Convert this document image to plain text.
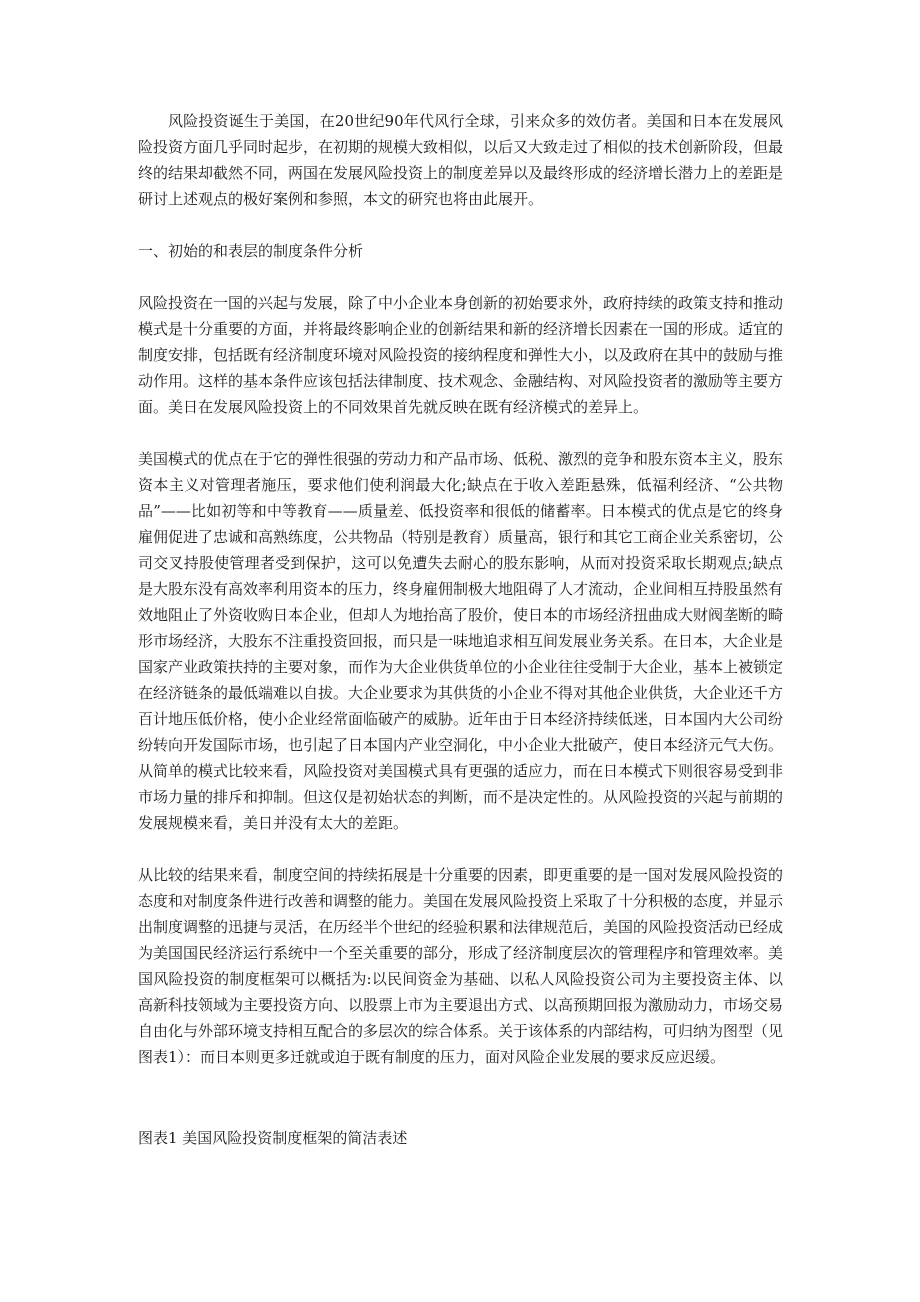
风险投资诞生于美国，在20世纪90年代风行全球，引来众多的效仿者。美国和日本在发展风险投资方面几乎同时起步，在初期的规模大致相似，以后又大致走过了相似的技术创新阶段，但最终的结果却截然不同，两国在发展风险投资上的制度差异以及最终形成的经济增长潜力上的差距是研讨上述观点的极好案例和参照，本文的研究也将由此展开。

一、初始的和表层的制度条件分析

风险投资在一国的兴起与发展，除了中小企业本身创新的初始要求外，政府持续的政策支持和推动模式是十分重要的方面，并将最终影响企业的创新结果和新的经济增长因素在一国的形成。适宜的制度安排，包括既有经济制度环境对风险投资的接纳程度和弹性大小，以及政府在其中的鼓励与推动作用。这样的基本条件应该包括法律制度、技术观念、金融结构、对风险投资者的激励等主要方面。美日在发展风险投资上的不同效果首先就反映在既有经济模式的差异上。

美国模式的优点在于它的弹性很强的劳动力和产品市场、低税、激烈的竞争和股东资本主义，股东资本主义对管理者施压，要求他们使利润最大化;缺点在于收入差距悬殊，低福利经济、“公共物品”——比如初等和中等教育——质量差、低投资率和很低的储蓄率。日本模式的优点是它的终身雇佣促进了忠诚和高熟练度，公共物品（特别是教育）质量高，银行和其它工商企业关系密切，公司交叉持股使管理者受到保护，这可以免遭失去耐心的股东影响，从而对投资采取长期观点;缺点是大股东没有高效率利用资本的压力，终身雇佣制极大地阻碍了人才流动，企业间相互持股虽然有效地阻止了外资收购日本企业，但却人为地抬高了股价，使日本的市场经济扭曲成大财阀垄断的畸形市场经济，大股东不注重投资回报，而只是一味地追求相互间发展业务关系。在日本，大企业是国家产业政策扶持的主要对象，而作为大企业供货单位的小企业往往受制于大企业，基本上被锁定在经济链条的最低端难以自拔。大企业要求为其供货的小企业不得对其他企业供货，大企业还千方百计地压低价格，使小企业经常面临破产的威胁。近年由于日本经济持续低迷，日本国内大公司纷纷转向开发国际市场，也引起了日本国内产业空洞化，中小企业大批破产，使日本经济元气大伤。从简单的模式比较来看，风险投资对美国模式具有更强的适应力，而在日本模式下则很容易受到非市场力量的排斥和抑制。但这仅是初始状态的判断，而不是决定性的。从风险投资的兴起与前期的发展规模来看，美日并没有太大的差距。

从比较的结果来看，制度空间的持续拓展是十分重要的因素，即更重要的是一国对发展风险投资的态度和对制度条件进行改善和调整的能力。美国在发展风险投资上采取了十分积极的态度，并显示出制度调整的迅捷与灵活，在历经半个世纪的经验积累和法律规范后，美国的风险投资活动已经成为美国国民经济运行系统中一个至关重要的部分，形成了经济制度层次的管理程序和管理效率。美国风险投资的制度框架可以概括为:以民间资金为基础、以私人风险投资公司为主要投资主体、以高新科技领域为主要投资方向、以股票上市为主要退出方式、以高预期回报为激励动力，市场交易自由化与外部环境支持相互配合的多层次的综合体系。关于该体系的内部结构，可归纳为图型（见图表1）：而日本则更多迁就或迫于既有制度的压力，面对风险企业发展的要求反应迟缓。

图表1 美国风险投资制度框架的简洁表述
